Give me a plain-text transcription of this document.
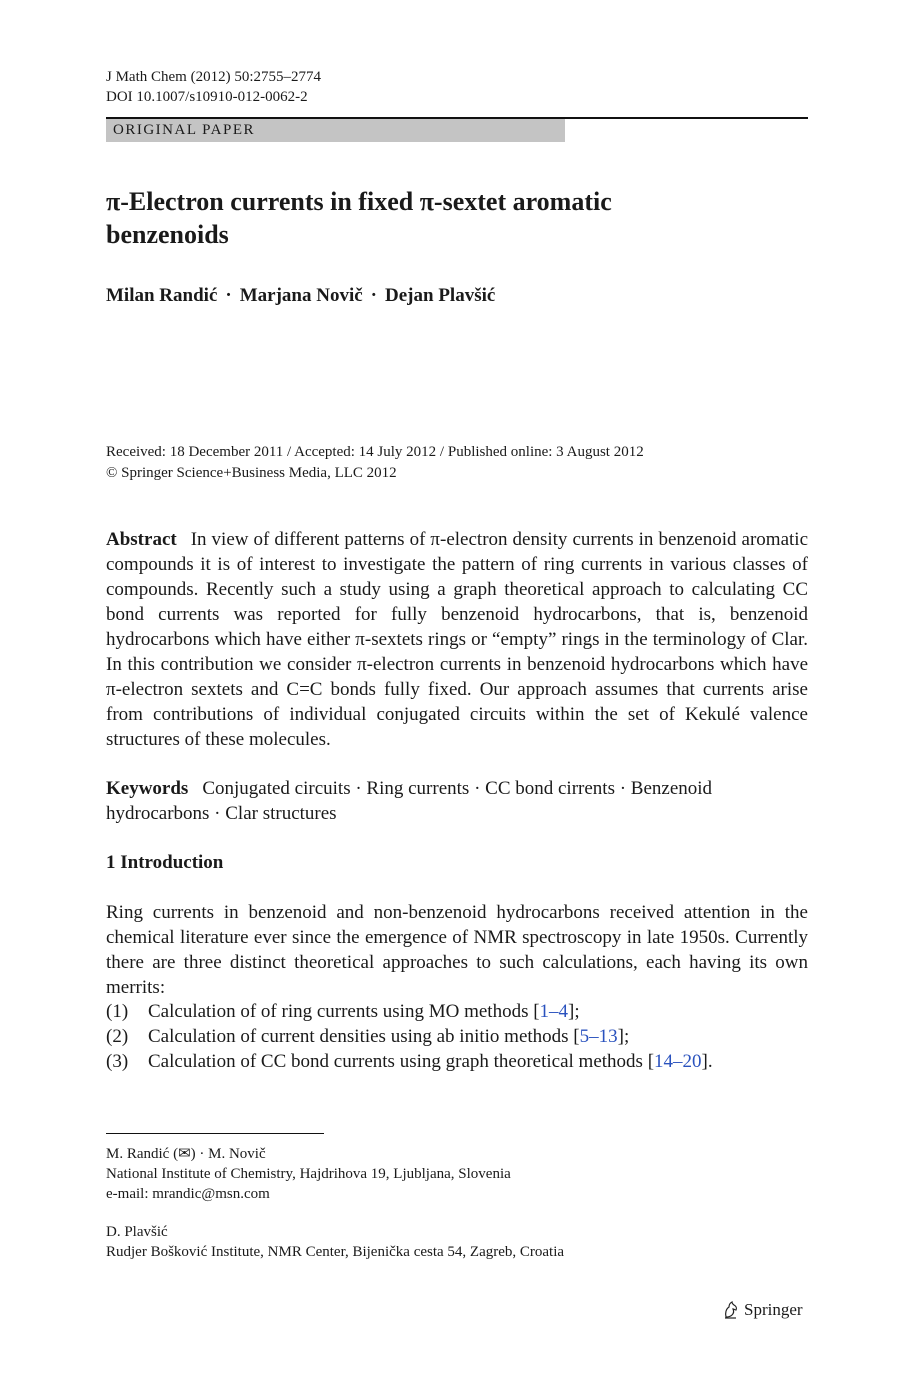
J Math Chem (2012) 50:2755–2774
DOI 10.1007/s10910-012-0062-2
ORIGINAL PAPER
π-Electron currents in fixed π-sextet aromatic
benzenoids
Milan Randić · Marjana Novič · Dejan Plavšić
Received: 18 December 2011 / Accepted: 14 July 2012 / Published online: 3 August 2012
© Springer Science+Business Media, LLC 2012
Abstract In view of different patterns of π-electron density currents in benzenoid aromatic compounds it is of interest to investigate the pattern of ring currents in various classes of compounds. Recently such a study using a graph theoretical approach to calculating CC bond currents was reported for fully benzenoid hydrocarbons, that is, benzenoid hydrocarbons which have either π-sextets rings or “empty” rings in the terminology of Clar. In this contribution we consider π-electron currents in benzenoid hydrocarbons which have π-electron sextets and C=C bonds fully fixed. Our approach assumes that currents arise from contributions of individual conjugated circuits within the set of Kekulé valence structures of these molecules.
Keywords Conjugated circuits · Ring currents · CC bond cirrents · Benzenoid hydrocarbons · Clar structures
1 Introduction
Ring currents in benzenoid and non-benzenoid hydrocarbons received attention in the chemical literature ever since the emergence of NMR spectroscopy in late 1950s. Currently there are three distinct theoretical approaches to such calculations, each having its own merrits:
(1)	Calculation of of ring currents using MO methods [1–4];
(2)	Calculation of current densities using ab initio methods [5–13];
(3)	Calculation of CC bond currents using graph theoretical methods [14–20].
M. Randić (✉) · M. Novič
National Institute of Chemistry, Hajdrihova 19, Ljubljana, Slovenia
e-mail: mrandic@msn.com
D. Plavšić
Rudjer Bošković Institute, NMR Center, Bijenička cesta 54, Zagreb, Croatia
Springer
